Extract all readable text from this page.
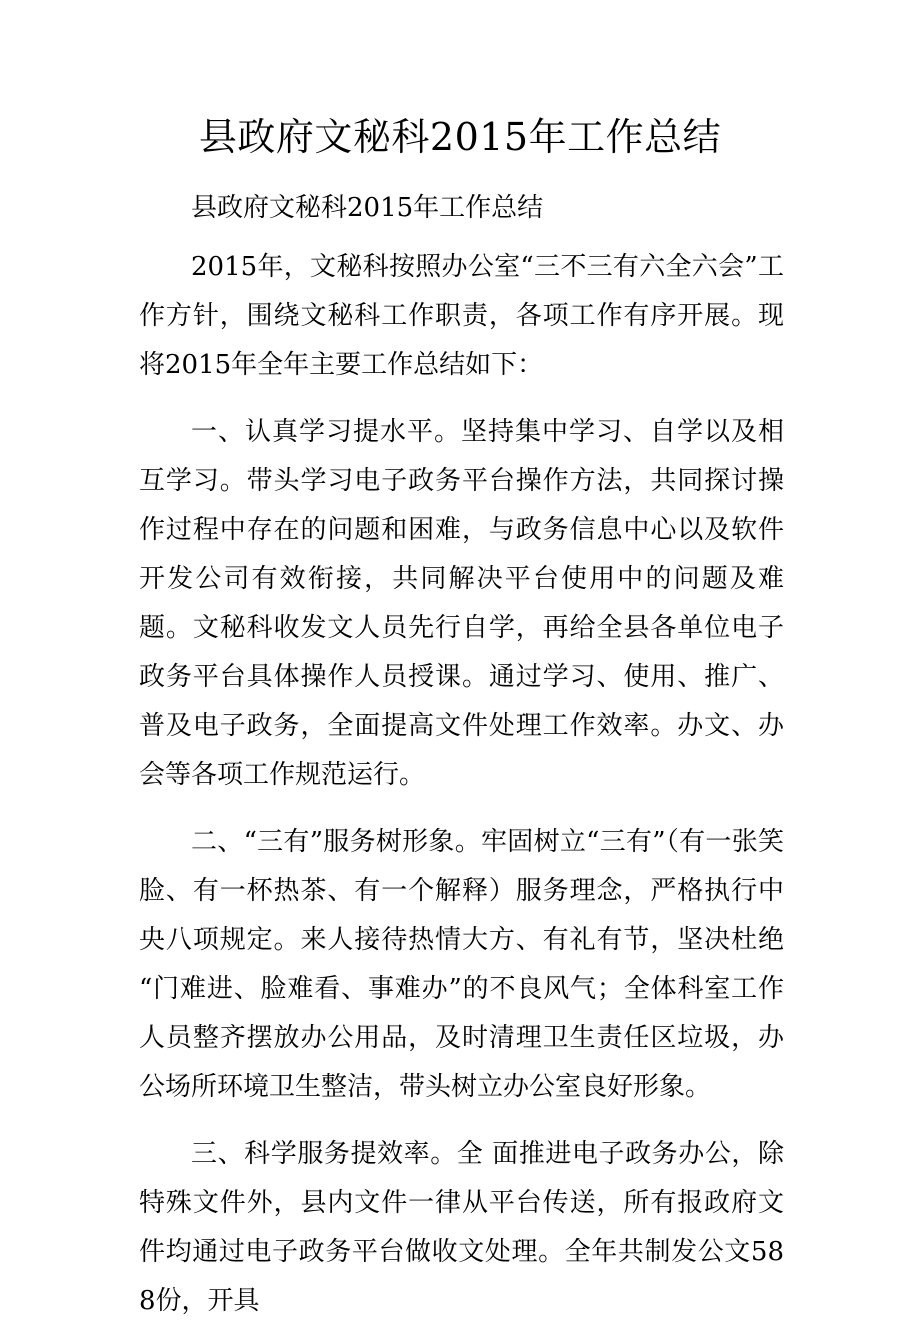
县政府文秘科2015年工作总结

县政府文秘科2015年工作总结

2015年，文秘科按照办公室“三不三有六全六会”工作方针，围绕文秘科工作职责，各项工作有序开展。现将2015年全年主要工作总结如下：

一、认真学习提水平。坚持集中学习、自学以及相互学习。带头学习电子政务平台操作方法，共同探讨操作过程中存在的问题和困难，与政务信息中心以及软件开发公司有效衔接，共同解决平台使用中的问题及难题。文秘科收发文人员先行自学，再给全县各单位电子政务平台具体操作人员授课。通过学习、使用、推广、普及电子政务，全面提高文件处理工作效率。办文、办会等各项工作规范运行。

二、“三有”服务树形象。牢固树立“三有”（有一张笑脸、有一杯热茶、有一个解释）服务理念，严格执行中央八项规定。来人接待热情大方、有礼有节，坚决杜绝 “门难进、脸难看、事难办”的不良风气；全体科室工作人员整齐摆放办公用品，及时清理卫生责任区垃圾，办公场所环境卫生整洁，带头树立办公室良好形象。

三、科学服务提效率。全 面推进电子政务办公，除特殊文件外，县内文件一律从平台传送，所有报政府文件均通过电子政务平台做收文处理。全年共制发公文588份，开具
